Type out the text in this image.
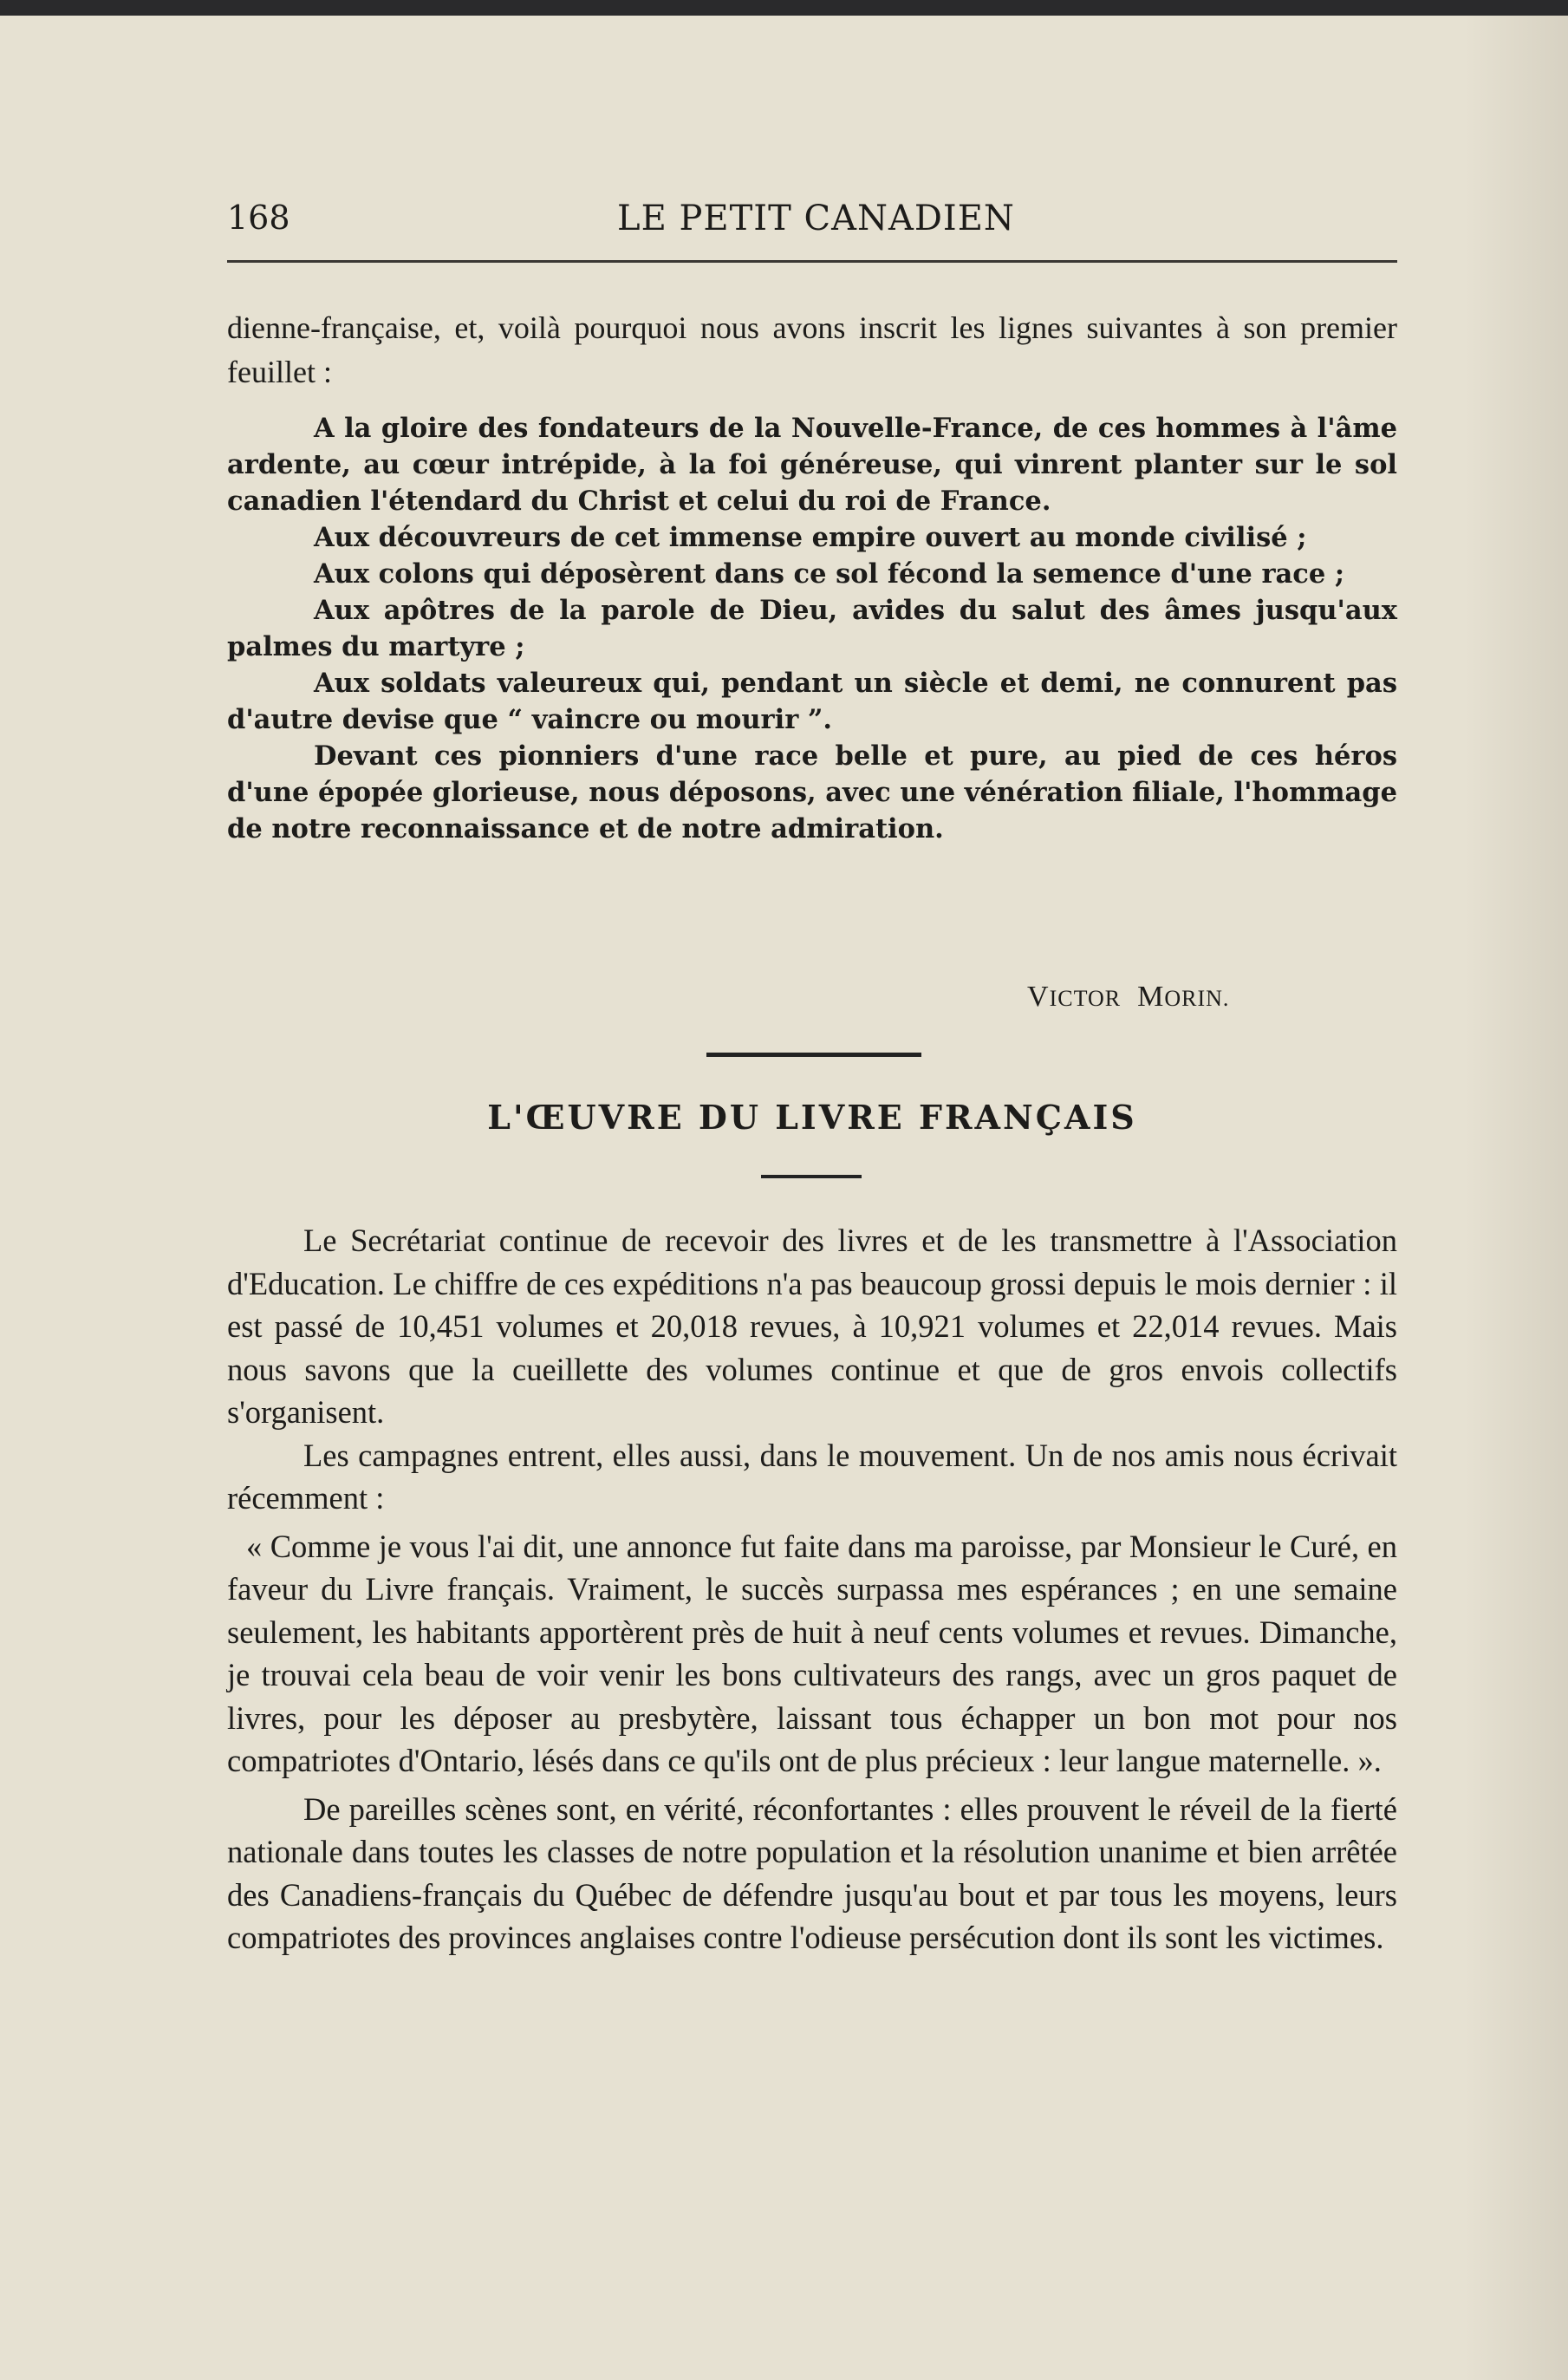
168	LE PETIT CANADIEN

dienne-française, et, voilà pourquoi nous avons inscrit les lignes suivantes à son premier feuillet :

A la gloire des fondateurs de la Nouvelle-France, de ces hommes à l'âme ardente, au cœur intrépide, à la foi généreuse, qui vinrent planter sur le sol canadien l'étendard du Christ et celui du roi de France.

Aux découvreurs de cet immense empire ouvert au monde civilisé ;

Aux colons qui déposèrent dans ce sol fécond la semence d'une race ;

Aux apôtres de la parole de Dieu, avides du salut des âmes jusqu'aux palmes du martyre ;

Aux soldats valeureux qui, pendant un siècle et demi, ne connurent pas d'autre devise que “ vaincre ou mourir ”.

Devant ces pionniers d'une race belle et pure, au pied de ces héros d'une épopée glorieuse, nous déposons, avec une vénération filiale, l'hommage de notre reconnaissance et de notre admiration.

VICTOR MORIN.
L'ŒUVRE DU LIVRE FRANÇAIS

Le Secrétariat continue de recevoir des livres et de les transmettre à l'Association d'Education. Le chiffre de ces expéditions n'a pas beaucoup grossi depuis le mois dernier : il est passé de 10,451 volumes et 20,018 revues, à 10,921 volumes et 22,014 revues. Mais nous savons que la cueillette des volumes continue et que de gros envois collectifs s'organisent.

Les campagnes entrent, elles aussi, dans le mouvement. Un de nos amis nous écrivait récemment :

« Comme je vous l'ai dit, une annonce fut faite dans ma paroisse, par Monsieur le Curé, en faveur du Livre français. Vraiment, le succès surpassa mes espérances ; en une semaine seulement, les habitants apportèrent près de huit à neuf cents volumes et revues. Dimanche, je trouvai cela beau de voir venir les bons cultivateurs des rangs, avec un gros paquet de livres, pour les déposer au presbytère, laissant tous échapper un bon mot pour nos compatriotes d'Ontario, lésés dans ce qu'ils ont de plus précieux : leur langue maternelle. ».

De pareilles scènes sont, en vérité, réconfortantes : elles prouvent le réveil de la fierté nationale dans toutes les classes de notre population et la résolution unanime et bien arrêtée des Canadiens-français du Québec de défendre jusqu'au bout et par tous les moyens, leurs compatriotes des provinces anglaises contre l'odieuse persécution dont ils sont les victimes.
